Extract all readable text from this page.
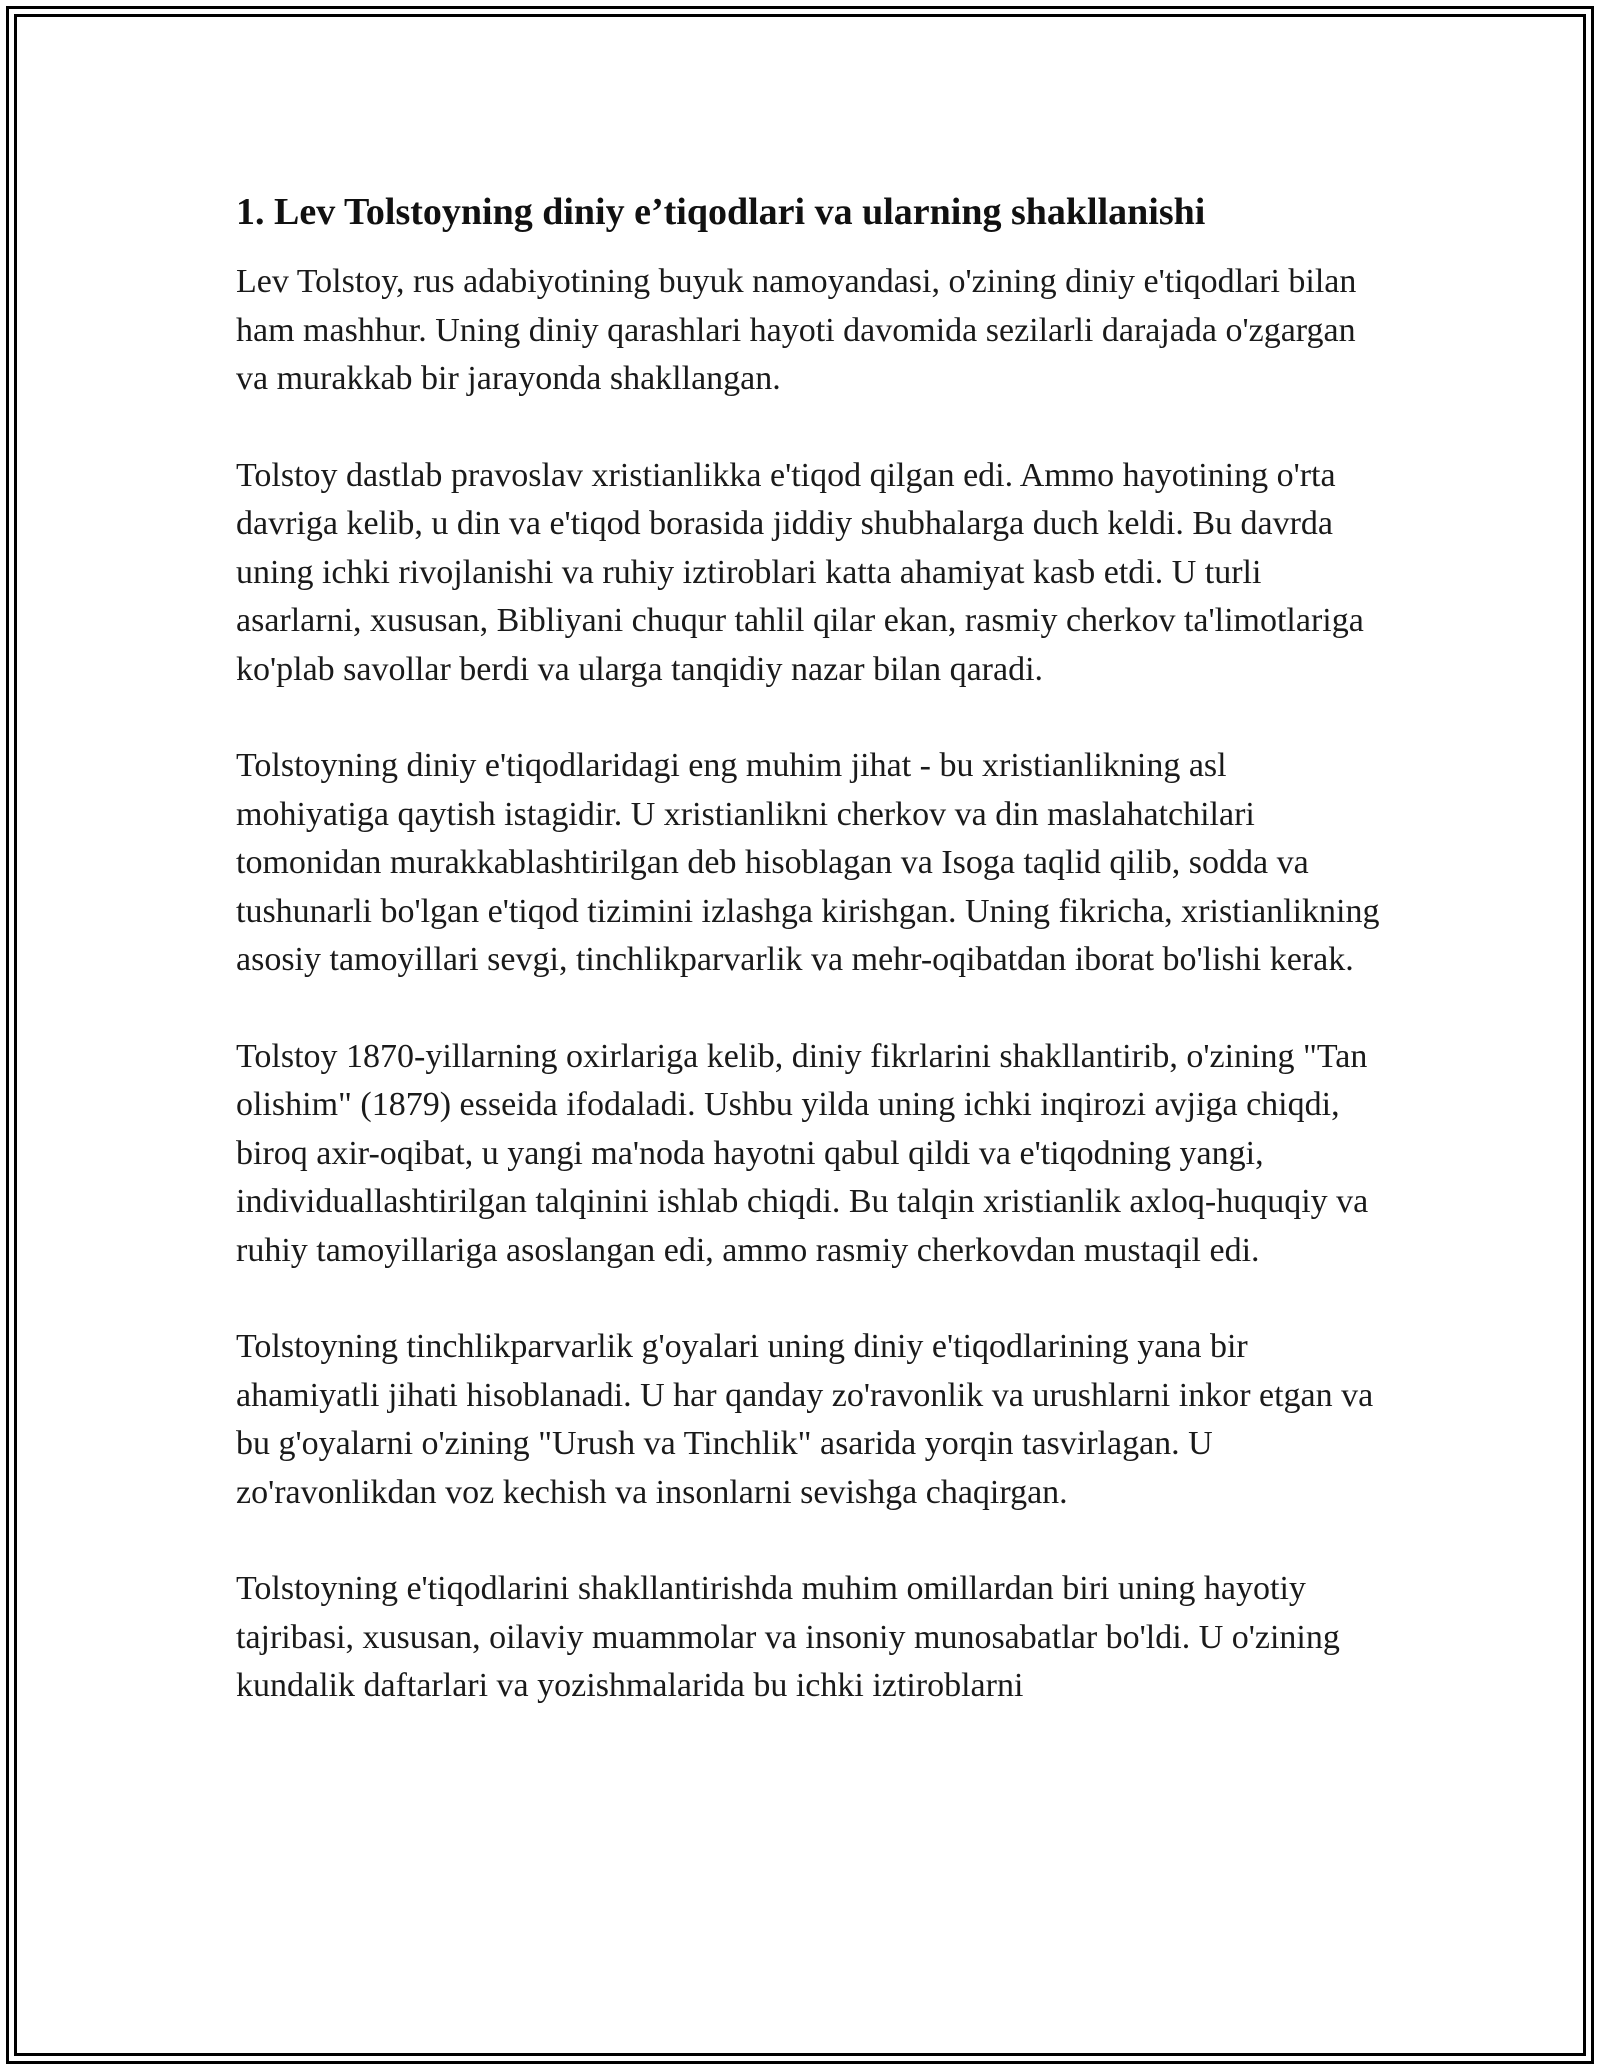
1. Lev Tolstoyning diniy e’tiqodlari va ularning shakllanishi

Lev Tolstoy, rus adabiyotining buyuk namoyandasi, o'zining diniy e'tiqodlari bilan ham mashhur. Uning diniy qarashlari hayoti davomida sezilarli darajada o'zgargan va murakkab bir jarayonda shakllangan.

Tolstoy dastlab pravoslav xristianlikka e'tiqod qilgan edi. Ammo hayotining o'rta davriga kelib, u din va e'tiqod borasida jiddiy shubhalarga duch keldi. Bu davrda uning ichki rivojlanishi va ruhiy iztiroblari katta ahamiyat kasb etdi. U turli asarlarni, xususan, Bibliyani chuqur tahlil qilar ekan, rasmiy cherkov ta'limotlariga ko'plab savollar berdi va ularga tanqidiy nazar bilan qaradi.

Tolstoyning diniy e'tiqodlaridagi eng muhim jihat - bu xristianlikning asl mohiyatiga qaytish istagidir. U xristianlikni cherkov va din maslahatchilari tomonidan murakkablashtirilgan deb hisoblagan va Isoga taqlid qilib, sodda va tushunarli bo'lgan e'tiqod tizimini izlashga kirishgan. Uning fikricha, xristianlikning asosiy tamoyillari sevgi, tinchlikparvarlik va mehr-oqibatdan iborat bo'lishi kerak.

Tolstoy 1870-yillarning oxirlariga kelib, diniy fikrlarini shakllantirib, o'zining "Tan olishim" (1879) esseida ifodaladi. Ushbu yilda uning ichki inqirozi avjiga chiqdi, biroq axir-oqibat, u yangi ma'noda hayotni qabul qildi va e'tiqodning yangi, individuallashtirilgan talqinini ishlab chiqdi. Bu talqin xristianlik axloq-huquqiy va ruhiy tamoyillariga asoslangan edi, ammo rasmiy cherkovdan mustaqil edi.

Tolstoyning tinchlikparvarlik g'oyalari uning diniy e'tiqodlarining yana bir ahamiyatli jihati hisoblanadi. U har qanday zo'ravonlik va urushlarni inkor etgan va bu g'oyalarni o'zining "Urush va Tinchlik" asarida yorqin tasvirlagan. U zo'ravonlikdan voz kechish va insonlarni sevishga chaqirgan.

Tolstoyning e'tiqodlarini shakllantirishda muhim omillardan biri uning hayotiy tajribasi, xususan, oilaviy muammolar va insoniy munosabatlar bo'ldi. U o'zining kundalik daftarlari va yozishmalarida bu ichki iztiroblarni
